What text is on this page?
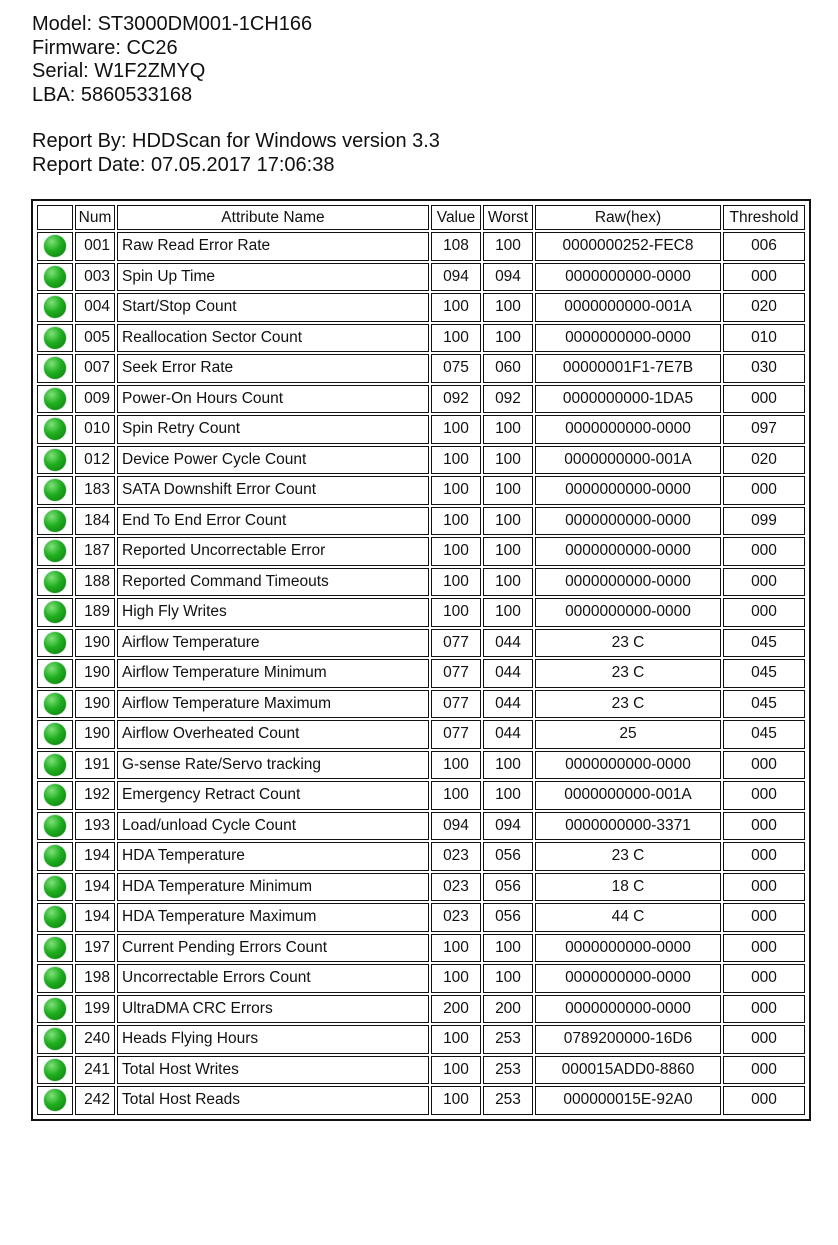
Model: ST3000DM001-1CH166
Firmware: CC26
Serial: W1F2ZMYQ
LBA: 5860533168
Report By: HDDScan for Windows version 3.3
Report Date: 07.05.2017 17:06:38
	Num	Attribute Name	Value	Worst	Raw(hex)	Threshold
	001	Raw Read Error Rate	108	100	0000000252-FEC8	006
	003	Spin Up Time	094	094	0000000000-0000	000
	004	Start/Stop Count	100	100	0000000000-001A	020
	005	Reallocation Sector Count	100	100	0000000000-0000	010
	007	Seek Error Rate	075	060	00000001F1-7E7B	030
	009	Power-On Hours Count	092	092	0000000000-1DA5	000
	010	Spin Retry Count	100	100	0000000000-0000	097
	012	Device Power Cycle Count	100	100	0000000000-001A	020
	183	SATA Downshift Error Count	100	100	0000000000-0000	000
	184	End To End Error Count	100	100	0000000000-0000	099
	187	Reported Uncorrectable Error	100	100	0000000000-0000	000
	188	Reported Command Timeouts	100	100	0000000000-0000	000
	189	High Fly Writes	100	100	0000000000-0000	000
	190	Airflow Temperature	077	044	23 C	045
	190	Airflow Temperature Minimum	077	044	23 C	045
	190	Airflow Temperature Maximum	077	044	23 C	045
	190	Airflow Overheated Count	077	044	25	045
	191	G-sense Rate/Servo tracking	100	100	0000000000-0000	000
	192	Emergency Retract Count	100	100	0000000000-001A	000
	193	Load/unload Cycle Count	094	094	0000000000-3371	000
	194	HDA Temperature	023	056	23 C	000
	194	HDA Temperature Minimum	023	056	18 C	000
	194	HDA Temperature Maximum	023	056	44 C	000
	197	Current Pending Errors Count	100	100	0000000000-0000	000
	198	Uncorrectable Errors Count	100	100	0000000000-0000	000
	199	UltraDMA CRC Errors	200	200	0000000000-0000	000
	240	Heads Flying Hours	100	253	0789200000-16D6	000
	241	Total Host Writes	100	253	000015ADD0-8860	000
	242	Total Host Reads	100	253	000000015E-92A0	000
